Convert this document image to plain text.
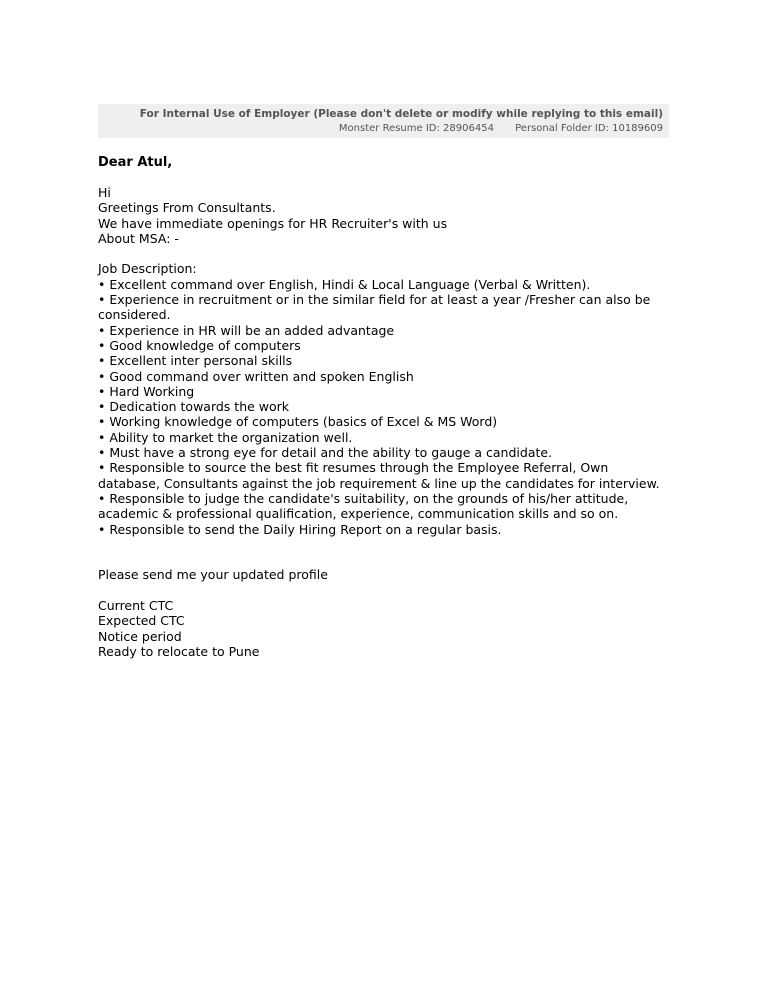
For Internal Use of Employer (Please don't delete or modify while replying to this email)
Monster Resume ID: 28906454 Personal Folder ID: 10189609
Dear Atul,
Hi
Greetings From Consultants.
We have immediate openings for HR Recruiter's with us
About MSA: -
Job Description:
• Excellent command over English, Hindi & Local Language (Verbal & Written).
• Experience in recruitment or in the similar field for at least a year /Fresher can also be considered.
• Experience in HR will be an added advantage
• Good knowledge of computers
• Excellent inter personal skills
• Good command over written and spoken English
• Hard Working
• Dedication towards the work
• Working knowledge of computers (basics of Excel & MS Word)
• Ability to market the organization well.
• Must have a strong eye for detail and the ability to gauge a candidate.
• Responsible to source the best fit resumes through the Employee Referral, Own database, Consultants against the job requirement & line up the candidates for interview.
• Responsible to judge the candidate's suitability, on the grounds of his/her attitude, academic & professional qualification, experience, communication skills and so on.
• Responsible to send the Daily Hiring Report on a regular basis.
Please send me your updated profile
Current CTC
Expected CTC
Notice period
Ready to relocate to Pune
